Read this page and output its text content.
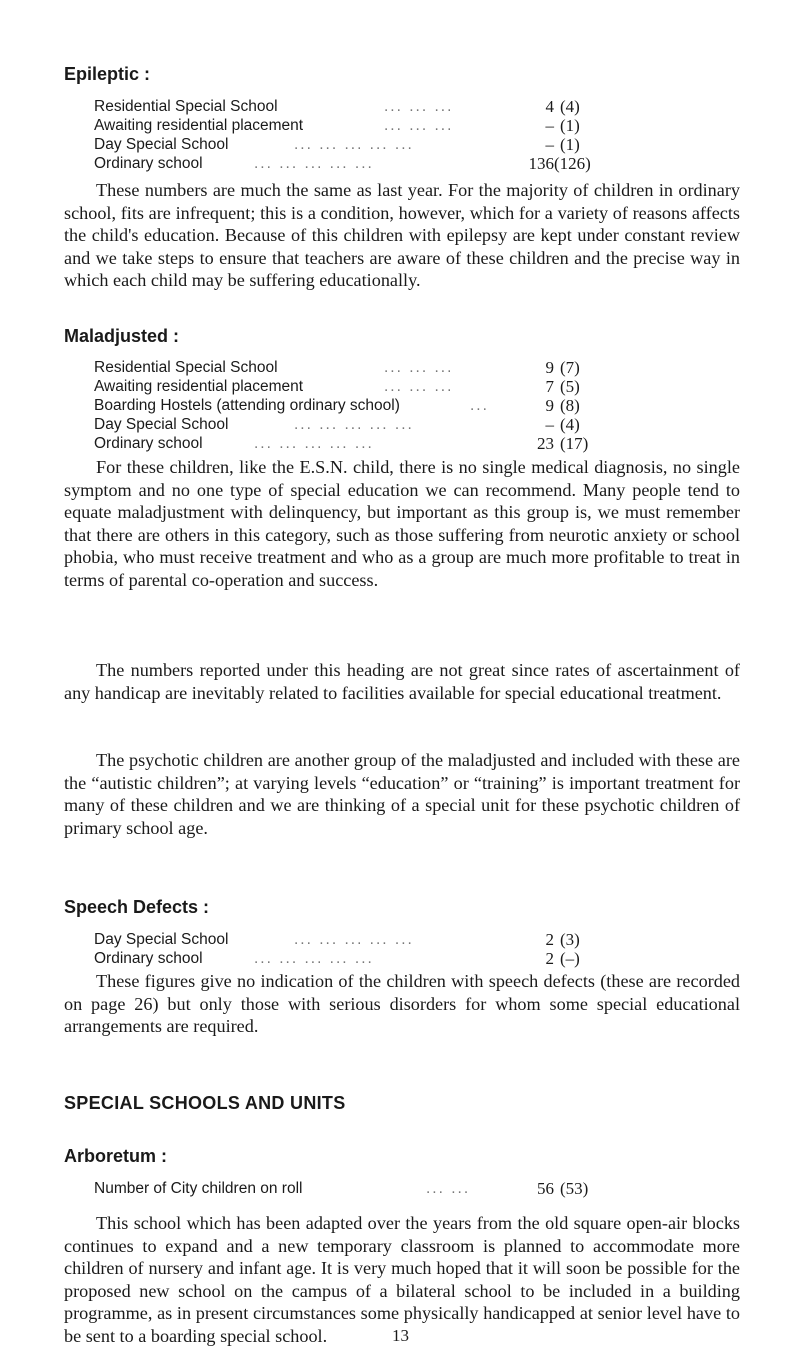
Epileptic :
Residential Special School	... ... ...	4 (4)
Awaiting residential placement	... ... ...	– (1)
Day Special School	... ... ... ... ...	– (1)
Ordinary school	... ... ... ... ...	136 (126)

These numbers are much the same as last year. For the majority of children in ordinary school, fits are infrequent; this is a condition, however, which for a variety of reasons affects the child's education. Because of this children with epilepsy are kept under constant review and we take steps to ensure that teachers are aware of these children and the precise way in which each child may be suffering educationally.

Maladjusted :
Residential Special School	... ... ...	9 (7)
Awaiting residential placement	... ... ...	7 (5)
Boarding Hostels (attending ordinary school)	...	9 (8)
Day Special School	... ... ... ... ...	– (4)
Ordinary school	... ... ... ... ...	23 (17)

For these children, like the E.S.N. child, there is no single medical diagnosis, no single symptom and no one type of special education we can recommend. Many people tend to equate maladjustment with delinquency, but important as this group is, we must remember that there are others in this category, such as those suffering from neurotic anxiety or school phobia, who must receive treatment and who as a group are much more profitable to treat in terms of parental co-operation and success.

The numbers reported under this heading are not great since rates of ascertainment of any handicap are inevitably related to facilities available for special educational treatment.

The psychotic children are another group of the maladjusted and included with these are the “autistic children”; at varying levels “education” or “training” is important treatment for many of these children and we are thinking of a special unit for these psychotic children of primary school age.

Speech Defects :
Day Special School	... ... ... ... ...	2 (3)
Ordinary school	... ... ... ... ...	2 (–)

These figures give no indication of the children with speech defects (these are recorded on page 26) but only those with serious disorders for whom some special educational arrangements are required.

SPECIAL SCHOOLS AND UNITS
Arboretum :
Number of City children on roll	... ...	56 (53)

This school which has been adapted over the years from the old square open-air blocks continues to expand and a new temporary classroom is planned to accommodate more children of nursery and infant age. It is very much hoped that it will soon be possible for the proposed new school on the campus of a bilateral school to be included in a building programme, as in present circumstances some physically handicapped at senior level have to be sent to a boarding special school.	13
